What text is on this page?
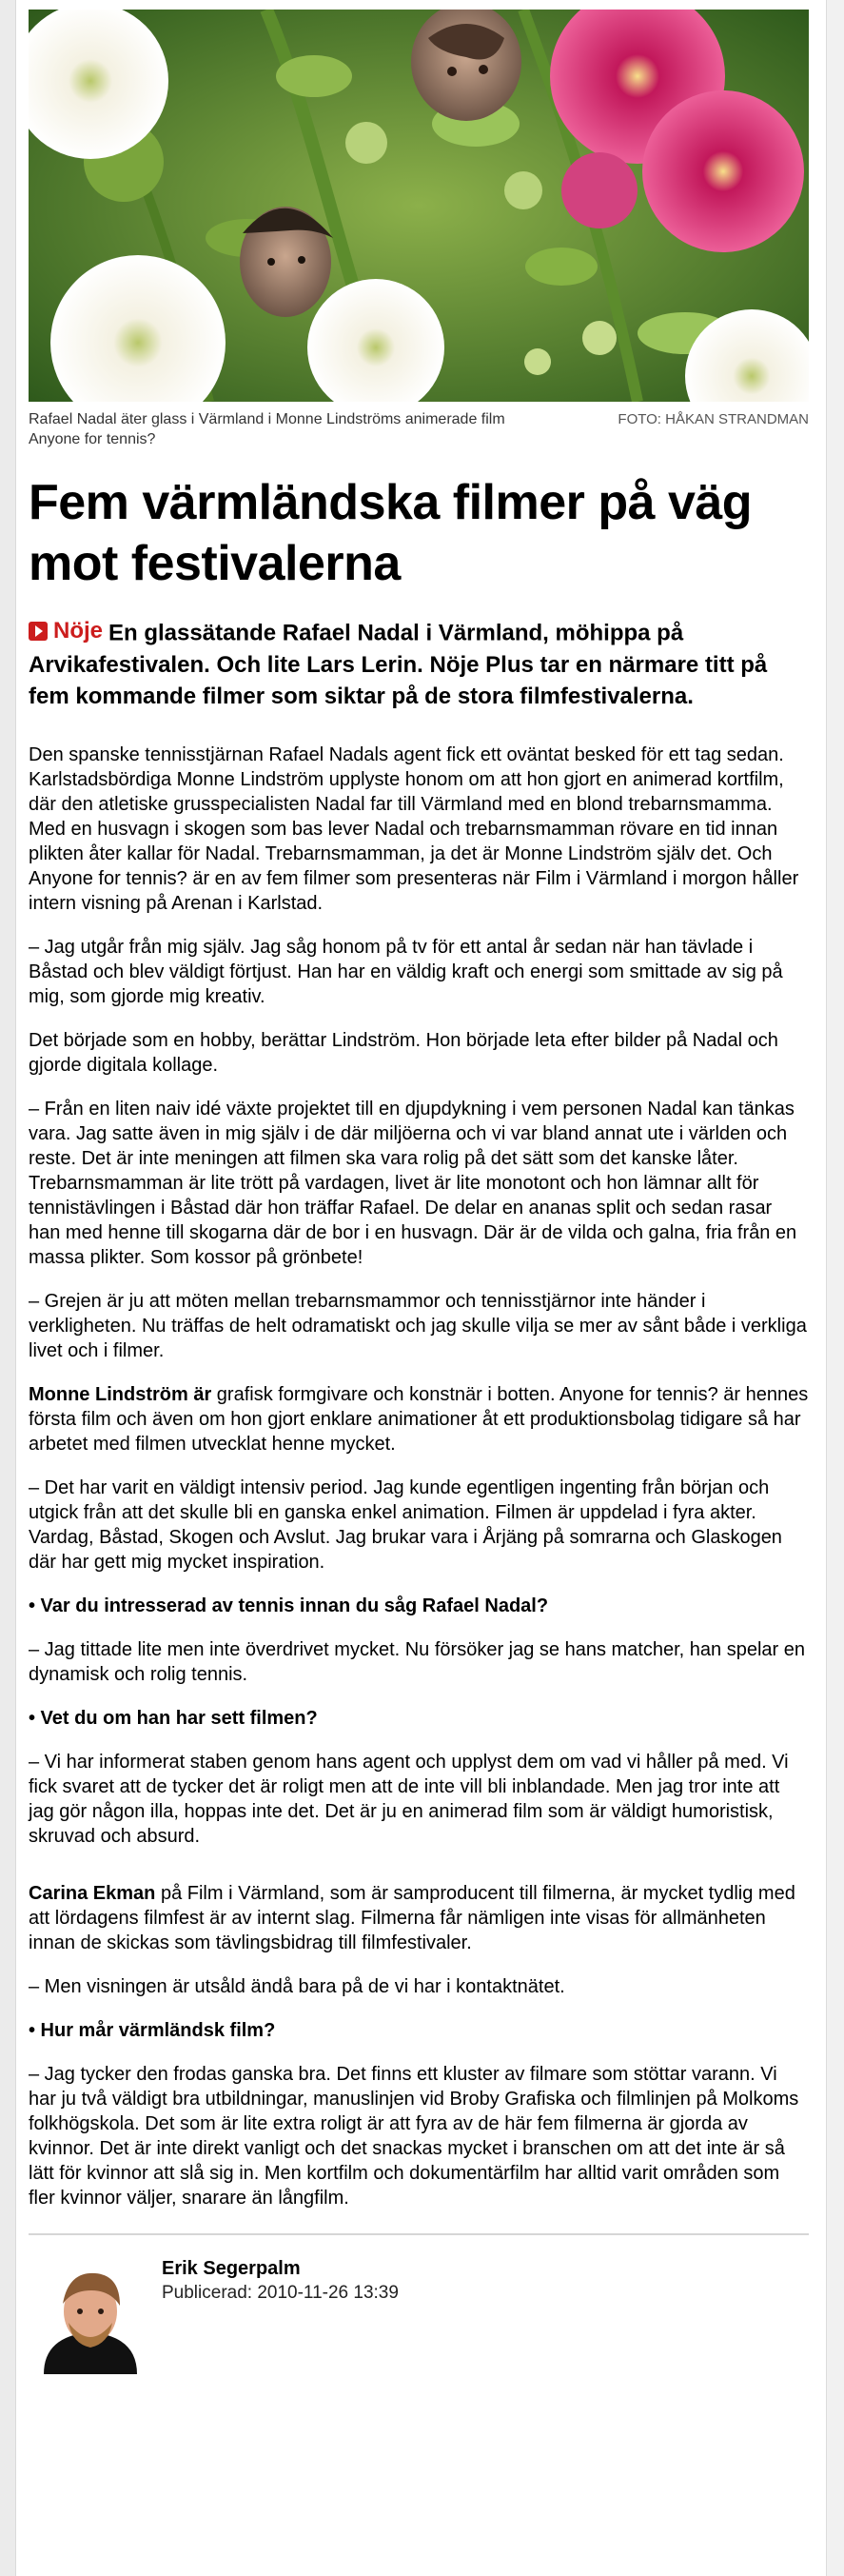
Rafael Nadal äter glass i Värmland i Monne Lindströms animerade film Anyone for tennis?
FOTO: HÅKAN STRANDMAN
Fem värmländska filmer på väg mot festivalerna

Nöje En glassätande Rafael Nadal i Värmland, möhippa på Arvikafestivalen. Och lite Lars Lerin. Nöje Plus tar en närmare titt på fem kommande filmer som siktar på de stora filmfestivalerna.

Den spanske tennisstjärnan Rafael Nadals agent fick ett oväntat besked för ett tag sedan. Karlstadsbördiga Monne Lindström upplyste honom om att hon gjort en animerad kortfilm, där den atletiske grusspecialisten Nadal far till Värmland med en blond trebarnsmamma. Med en husvagn i skogen som bas lever Nadal och trebarnsmamman rövare en tid innan plikten åter kallar för Nadal. Trebarnsmamman, ja det är Monne Lindström själv det. Och Anyone for tennis? är en av fem filmer som presenteras när Film i Värmland i morgon håller intern visning på Arenan i Karlstad.

– Jag utgår från mig själv. Jag såg honom på tv för ett antal år sedan när han tävlade i Båstad och blev väldigt förtjust. Han har en väldig kraft och energi som smittade av sig på mig, som gjorde mig kreativ.

Det började som en hobby, berättar Lindström. Hon började leta efter bilder på Nadal och gjorde digitala kollage.

– Från en liten naiv idé växte projektet till en djupdykning i vem personen Nadal kan tänkas vara. Jag satte även in mig själv i de där miljöerna och vi var bland annat ute i världen och reste. Det är inte meningen att filmen ska vara rolig på det sätt som det kanske låter. Trebarnsmamman är lite trött på vardagen, livet är lite monotont och hon lämnar allt för tennistävlingen i Båstad där hon träffar Rafael. De delar en ananas split och sedan rasar han med henne till skogarna där de bor i en husvagn. Där är de vilda och galna, fria från en massa plikter. Som kossor på grönbete!

– Grejen är ju att möten mellan trebarnsmammor och tennisstjärnor inte händer i verkligheten. Nu träffas de helt odramatiskt och jag skulle vilja se mer av sånt både i verkliga livet och i filmer.

Monne Lindström är grafisk formgivare och konstnär i botten. Anyone for tennis? är hennes första film och även om hon gjort enklare animationer åt ett produktionsbolag tidigare så har arbetet med filmen utvecklat henne mycket.

– Det har varit en väldigt intensiv period. Jag kunde egentligen ingenting från början och utgick från att det skulle bli en ganska enkel animation. Filmen är uppdelad i fyra akter. Vardag, Båstad, Skogen och Avslut. Jag brukar vara i Årjäng på somrarna och Glaskogen där har gett mig mycket inspiration.

• Var du intresserad av tennis innan du såg Rafael Nadal?

– Jag tittade lite men inte överdrivet mycket. Nu försöker jag se hans matcher, han spelar en dynamisk och rolig tennis.

• Vet du om han har sett filmen?

– Vi har informerat staben genom hans agent och upplyst dem om vad vi håller på med. Vi fick svaret att de tycker det är roligt men att de inte vill bli inblandade. Men jag tror inte att jag gör någon illa, hoppas inte det. Det är ju en animerad film som är väldigt humoristisk, skruvad och absurd.

Carina Ekman på Film i Värmland, som är samproducent till filmerna, är mycket tydlig med att lördagens filmfest är av internt slag. Filmerna får nämligen inte visas för allmänheten innan de skickas som tävlingsbidrag till filmfestivaler.

– Men visningen är utsåld ändå bara på de vi har i kontaktnätet.

• Hur mår värmländsk film?

– Jag tycker den frodas ganska bra. Det finns ett kluster av filmare som stöttar varann. Vi har ju två väldigt bra utbildningar, manuslinjen vid Broby Grafiska och filmlinjen på Molkoms folkhögskola. Det som är lite extra roligt är att fyra av de här fem filmerna är gjorda av kvinnor. Det är inte direkt vanligt och det snackas mycket i branschen om att det inte är så lätt för kvinnor att slå sig in. Men kortfilm och dokumentärfilm har alltid varit områden som fler kvinnor väljer, snarare än långfilm.

Erik Segerpalm
Publicerad: 2010-11-26 13:39
